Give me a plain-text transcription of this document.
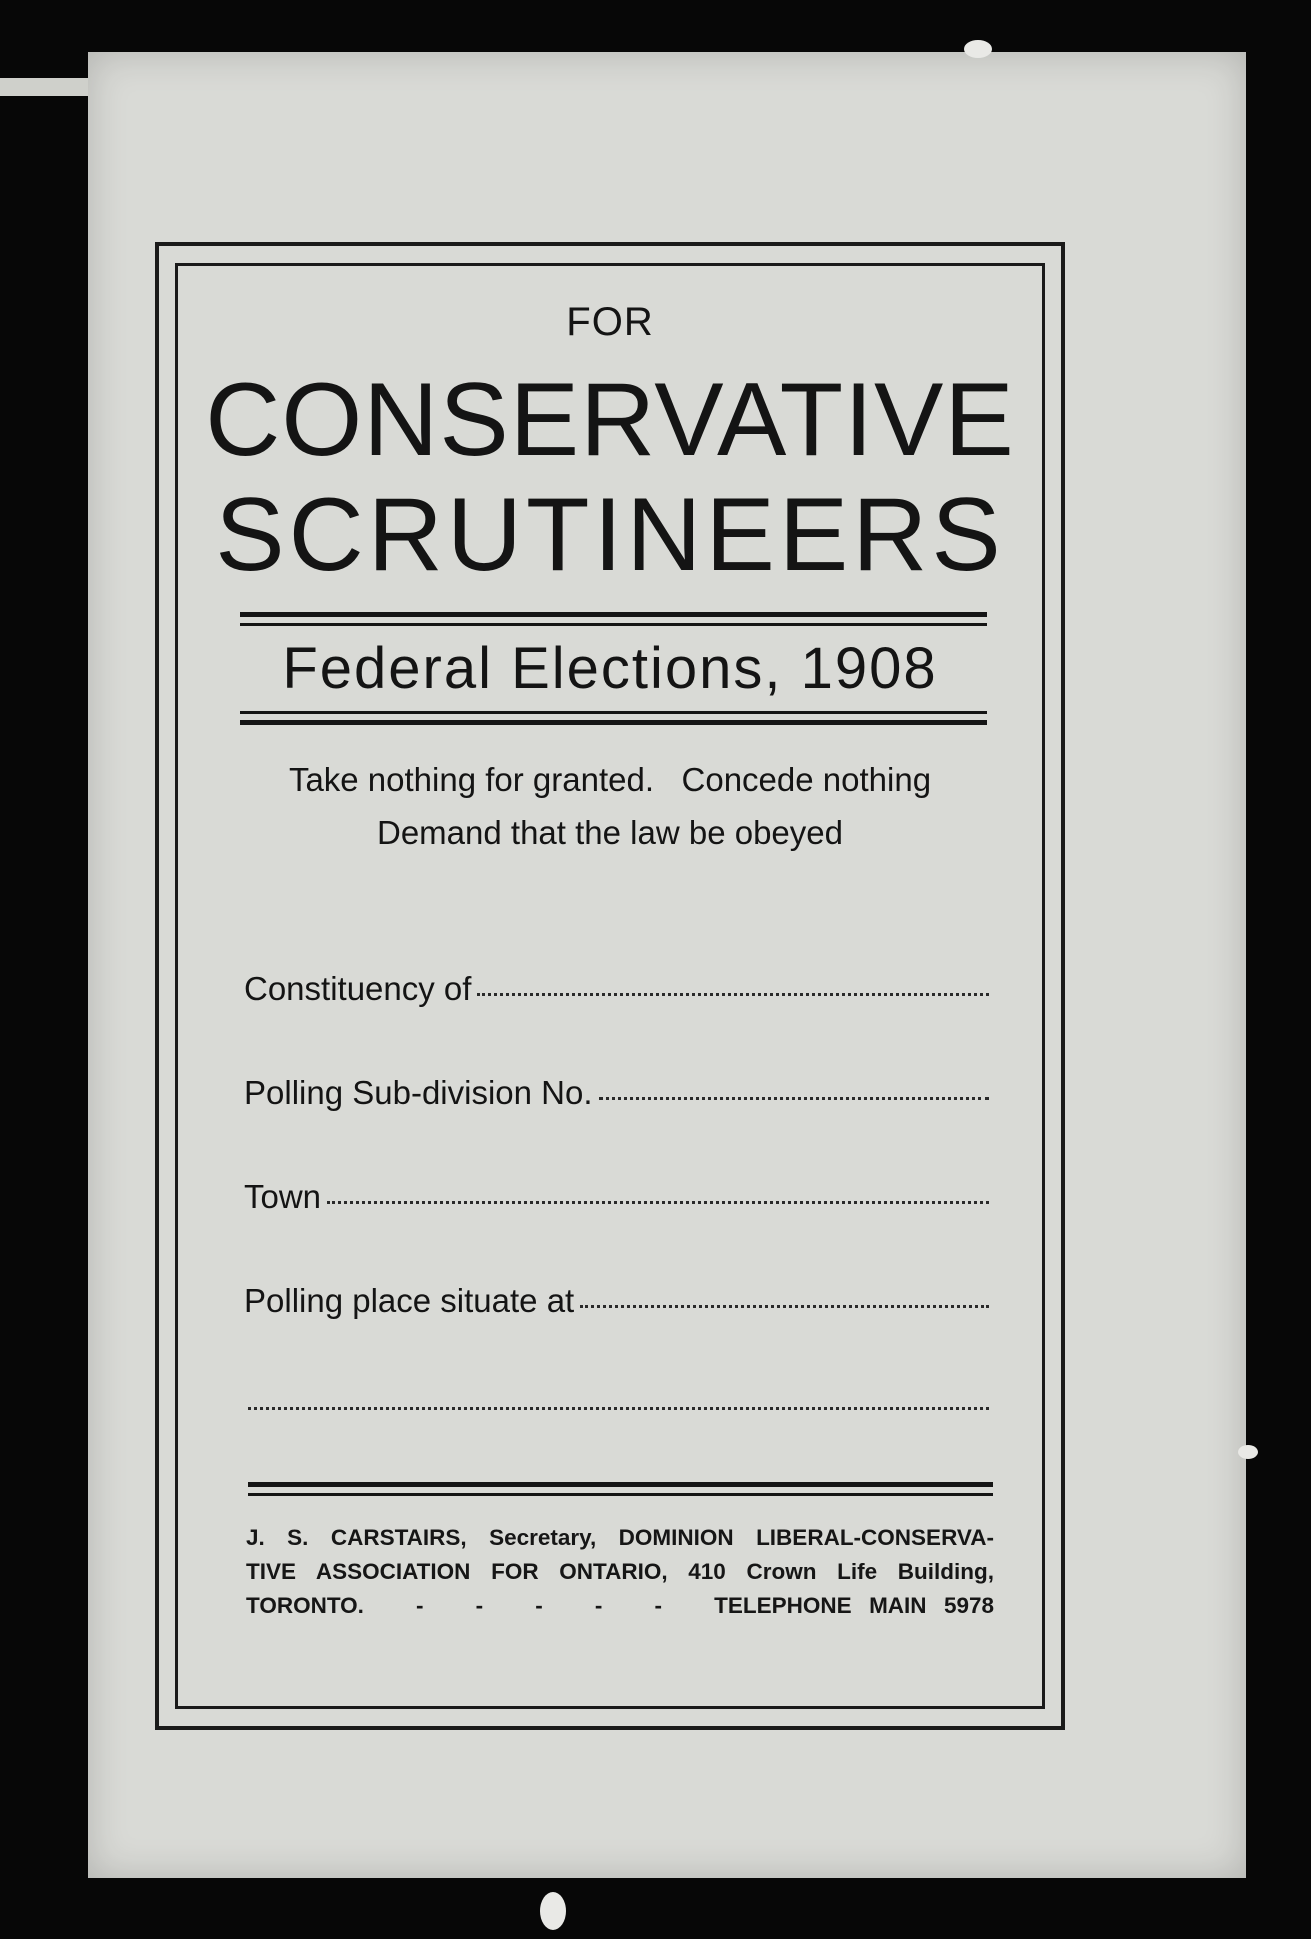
FOR
CONSERVATIVE
SCRUTINEERS
Federal Elections, 1908
Take nothing for granted.   Concede nothing
Demand that the law be obeyed
Constituency of
Polling Sub-division No.
Town
Polling place situate at
J. S. CARSTAIRS, Secretary, DOMINION LIBERAL-CONSERVA-
TIVE ASSOCIATION FOR ONTARIO, 410 Crown Life Building,
TORONTO.   -   -   -   -   -   TELEPHONE MAIN 5978
